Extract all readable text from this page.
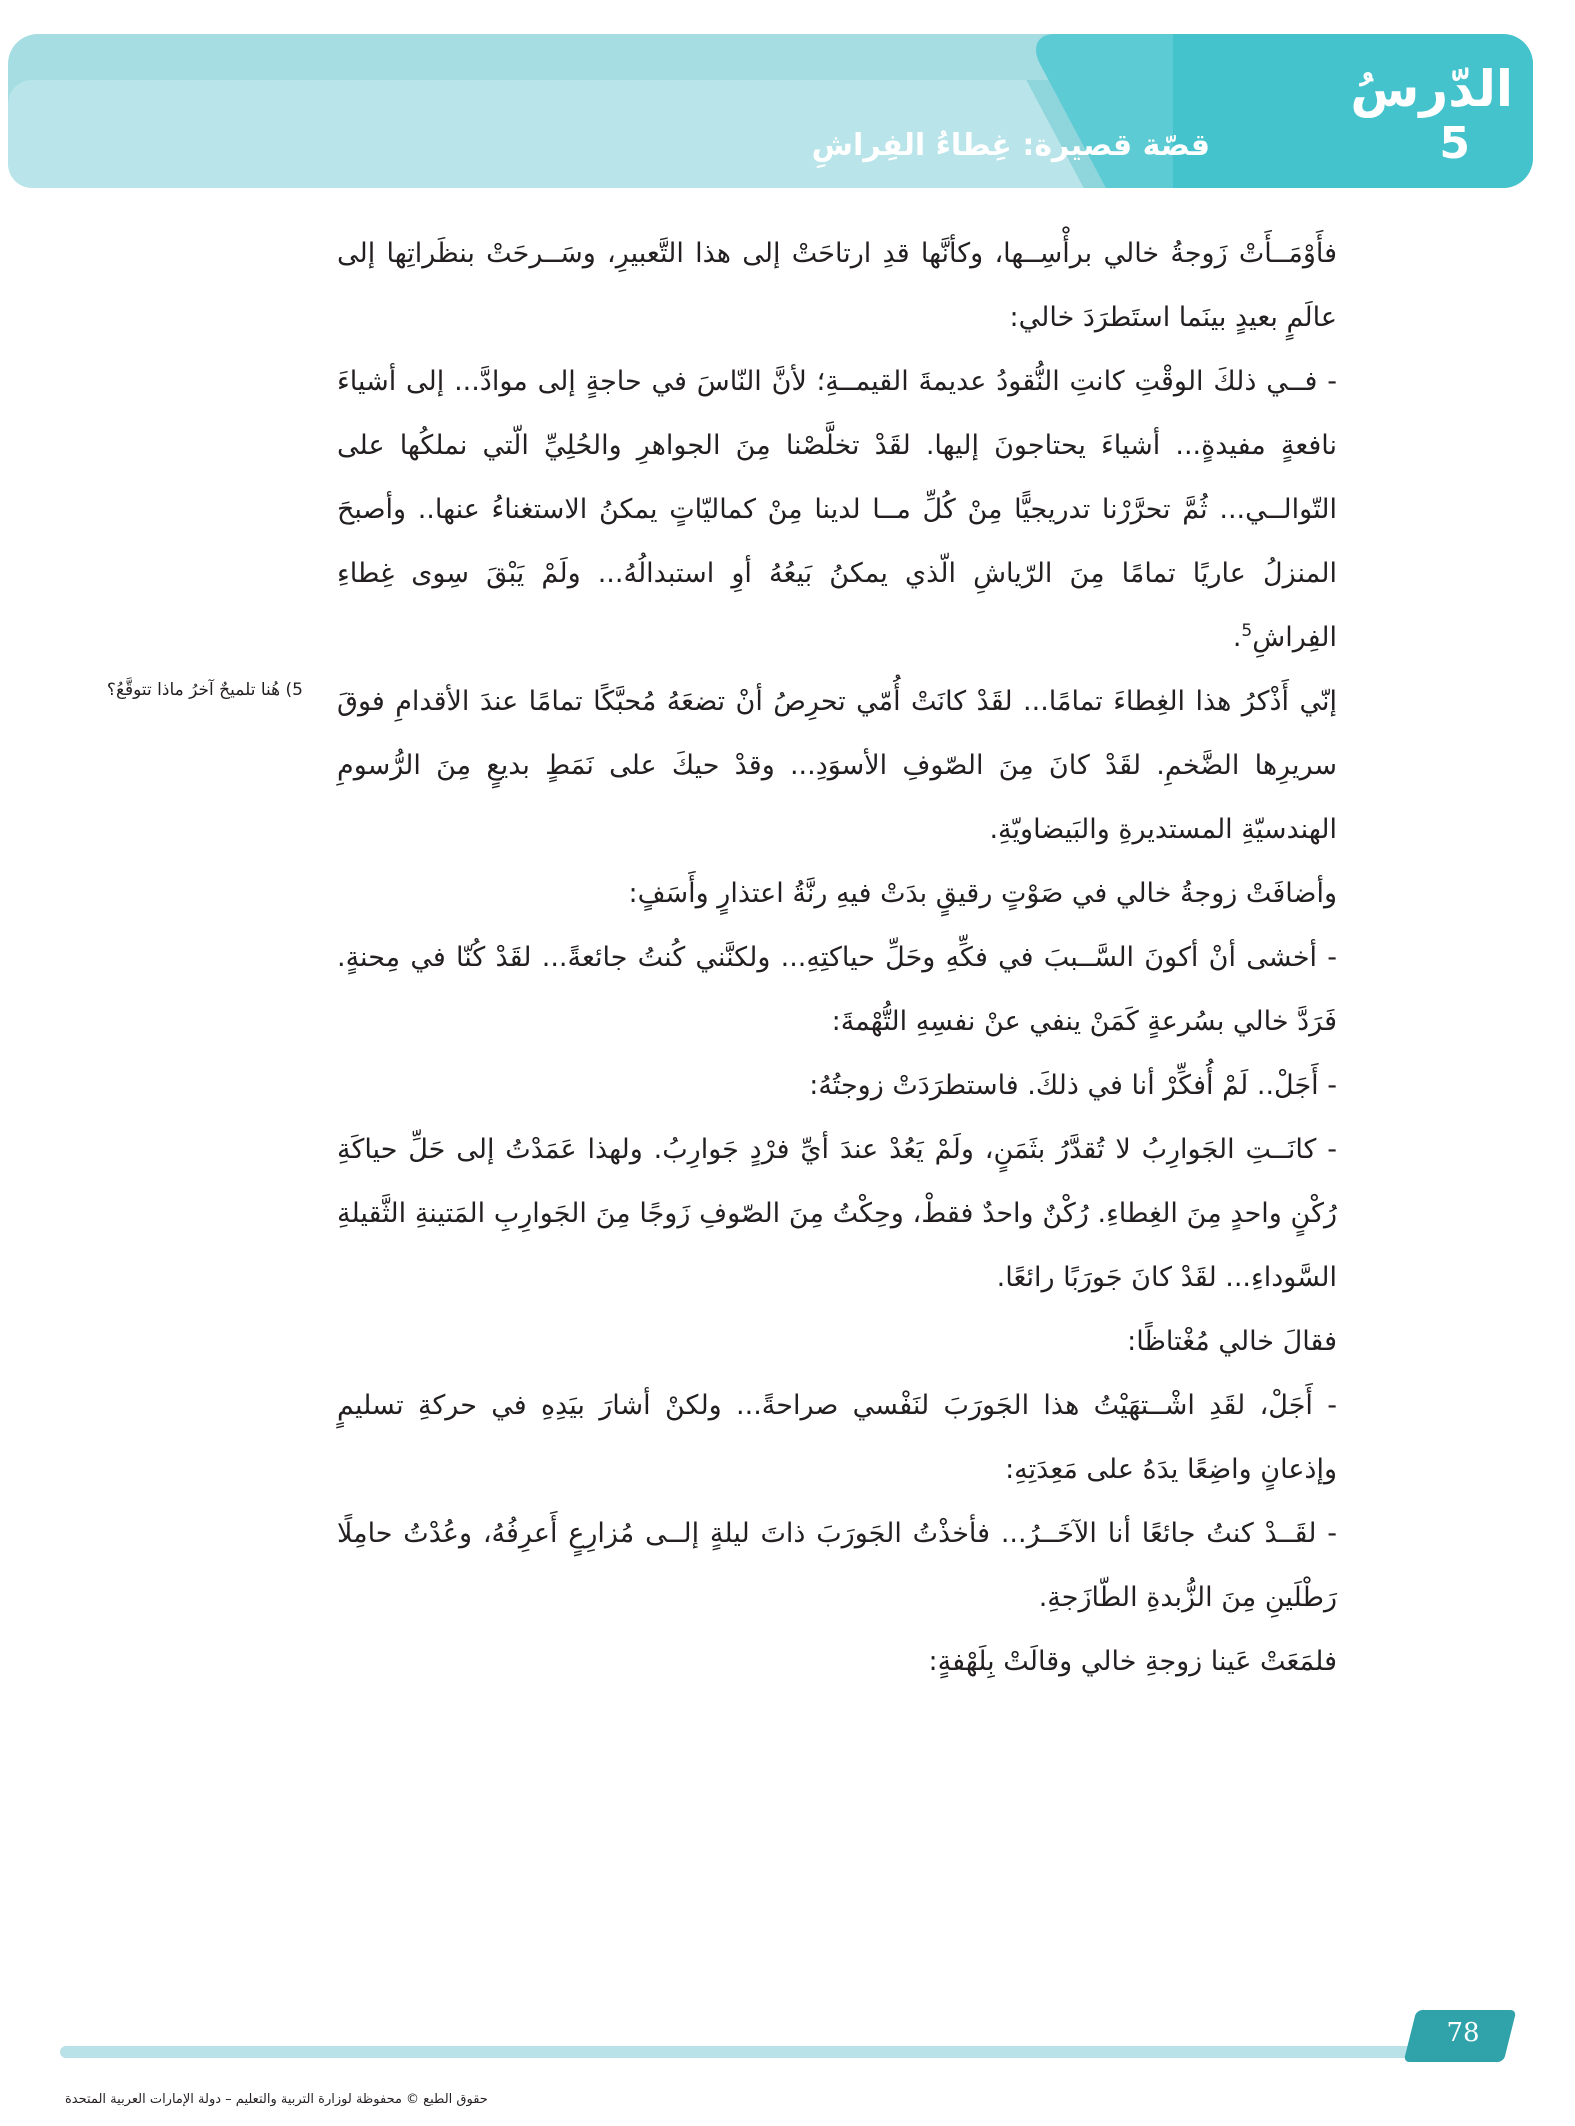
الدّرسُ
5
قصّة قصيرة: غِطاءُ الفِراشِ

فأَوْمَــأَتْ زَوجةُ خالي برأْسِــها، وكأنَّها قدِ ارتاحَتْ إلى هذا التَّعبيرِ، وسَــرحَتْ بنظَراتِها إلى عالَمٍ بعيدٍ بينَما استَطرَدَ خالي:

- فــي ذلكَ الوقْتِ كانتِ النُّقودُ عديمةَ القيمــةِ؛ لأنَّ النّاسَ في حاجةٍ إلى موادَّ... إلى أشياءَ نافعةٍ مفيدةٍ... أشياءَ يحتاجونَ إليها. لقَدْ تخلَّصْنا مِنَ الجواهرِ والحُلِيِّ الّتي نملكُها على التّوالــي... ثُمَّ تحرَّرْنا تدريجيًّا مِنْ كُلِّ مــا لدينا مِنْ كماليّاتٍ يمكنُ الاستغناءُ عنها.. وأصبحَ المنزلُ عاريًا تمامًا مِنَ الرّياشِ الّذي يمكنُ بَيعُهُ أوِ استبدالُهُ... ولَمْ يَبْقَ سِوى غِطاءِ الفِراشِ$^5$.

إنّي أَذْكرُ هذا الغِطاءَ تمامًا... لقَدْ كانَتْ أُمّي تحرِصُ أنْ تضعَهُ مُحبَّكًا تمامًا عندَ الأقدامِ فوقَ سريرِها الضَّخمِ. لقَدْ كانَ مِنَ الصّوفِ الأسوَدِ... وقدْ حيكَ على نَمَطٍ بديعٍ مِنَ الرُّسومِ الهندسيّةِ المستديرةِ والبَيضاويّةِ.

وأضافَتْ زوجةُ خالي في صَوْتٍ رقيقٍ بدَتْ فيهِ رنَّةُ اعتذارٍ وأَسَفٍ:

- أخشى أنْ أكونَ السَّــببَ في فكِّهِ وحَلِّ حياكتِهِ... ولكنَّني كُنتُ جائعةً... لقَدْ كُنّا في مِحنةٍ. فَرَدَّ خالي بسُرعةٍ كَمَنْ ينفي عنْ نفسِهِ التُّهْمةَ:

- أَجَلْ.. لَمْ أُفكِّرْ أنا في ذلكَ. فاستطرَدَتْ زوجتُهُ:

- كانَــتِ الجَوارِبُ لا تُقدَّرُ بثَمَنٍ، ولَمْ يَعُدْ عندَ أيِّ فرْدٍ جَوارِبُ. ولهذا عَمَدْتُ إلى حَلِّ حياكَةِ رُكْنٍ واحدٍ مِنَ الغِطاءِ. رُكْنٌ واحدٌ فقطْ، وحِكْتُ مِنَ الصّوفِ زَوجًا مِنَ الجَوارِبِ المَتينةِ الثَّقيلةِ السَّوداءِ... لقَدْ كانَ جَورَبًا رائعًا.

فقالَ خالي مُغْتاظًا:

- أَجَلْ، لقَدِ اشْــتهَيْتُ هذا الجَورَبَ لنَفْسي صراحةً... ولكنْ أشارَ بيَدِهِ في حركةِ تسليمٍ وإذعانٍ واضِعًا يدَهُ على مَعِدَتِهِ:

- لقَــدْ كنتُ جائعًا أنا الآخَــرُ... فأخذْتُ الجَورَبَ ذاتَ ليلةٍ إلــى مُزارِعٍ أَعرِفُهُ، وعُدْتُ حامِلًا رَطْلَينِ مِنَ الزُّبدةِ الطّازَجةِ.

فلمَعَتْ عَينا زوجةِ خالي وقالَتْ بِلَهْفةٍ:

5) هُنا تلميحٌ آخرُ ماذا تتوقَّعُ؟
78
حقوق الطبع © محفوظة لوزارة التربية والتعليم – دولة الإمارات العربية المتحدة
